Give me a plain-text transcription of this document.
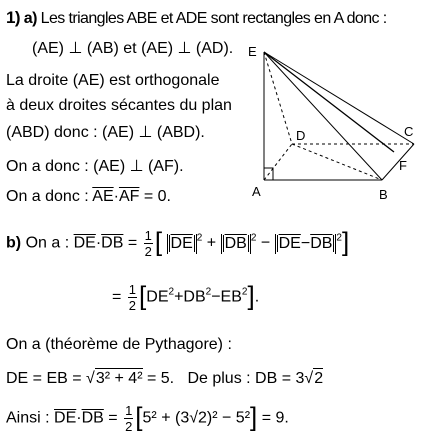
1) a) Les triangles ABE et ADE sont rectangles en A donc :
(AE) ⊥ (AB) et (AE) ⊥ (AD).
La droite (AE) est orthogonale
à deux droites sécantes du plan
(ABD) donc : (AE) ⊥ (ABD).
On a donc : (AE) ⊥ (AF).
On a donc : $\overline{AE}\cdot\overline{AF} = 0$.
E
D	C
F
A	B
b) On a : $\overline{DE}\cdot\overline{DB} = \frac{1}{2}$ [ $\overline{DE}$ $^2 + \overline{DB}$ $^2 - \overline{DE}-\overline{DB}$ $^2$]
= $\frac{1}{2} [DE^2+DB^2-EB^2]$.
On a (théorème de Pythagore) :
DE = EB = √3² + 4² = 5. De plus : DB = 3√2
Ainsi : $\overline{DE}\cdot\overline{DB} = \frac{1}{2} [5^2 + (3√2)^2 - 5^2] = 9$.
